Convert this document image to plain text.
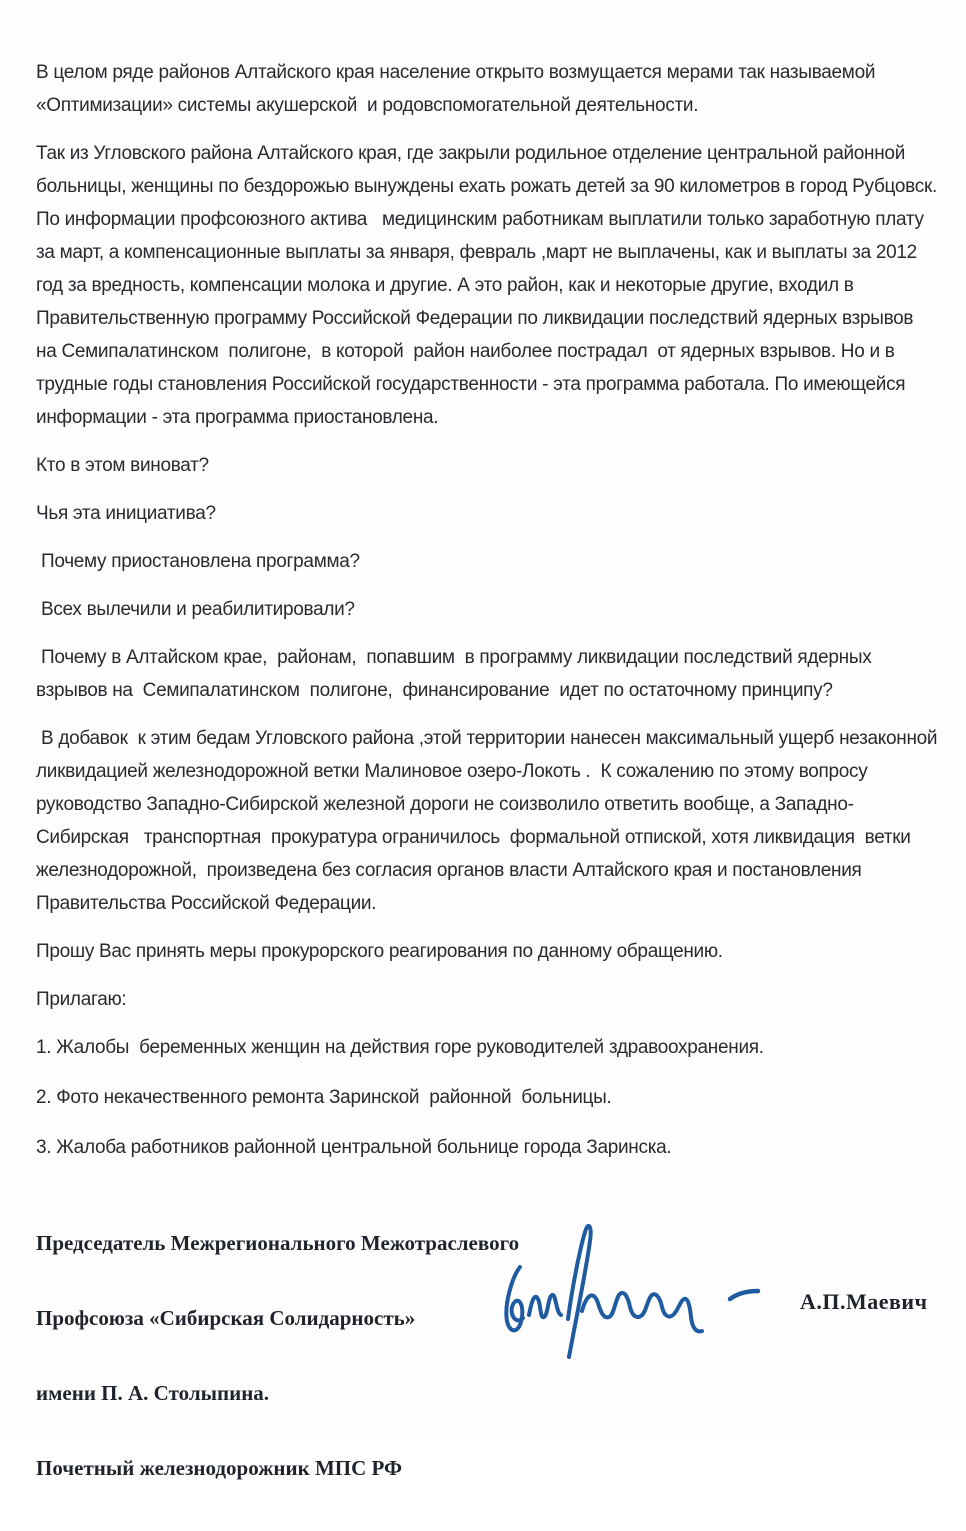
В целом ряде районов Алтайского края население открыто возмущается мерами так называемой «Оптимизации» системы акушерской  и родовспомогательной деятельности.

Так из Угловского района Алтайского края, где закрыли родильное отделение центральной районной больницы, женщины по бездорожью вынуждены ехать рожать детей за 90 километров в город Рубцовск.  По информации профсоюзного актива   медицинским работникам выплатили только заработную плату за март, а компенсационные выплаты за января, февраль ,март не выплачены, как и выплаты за 2012 год за вредность, компенсации молока и другие. А это район, как и некоторые другие, входил в Правительственную программу Российской Федерации по ликвидации последствий ядерных взрывов  на Семипалатинском  полигоне,  в которой  район наиболее пострадал  от ядерных взрывов. Но и в трудные годы становления Российской государственности - эта программа работала. По имеющейся информации - эта программа приостановлена.

Кто в этом виноват?

Чья эта инициатива?

Почему приостановлена программа?

Всех вылечили и реабилитировали?

Почему в Алтайском крае,  районам,  попавшим  в программу ликвидации последствий ядерных взрывов на  Семипалатинском  полигоне,  финансирование  идет по остаточному принципу?

В добавок  к этим бедам Угловского района ,этой территории нанесен максимальный ущерб незаконной ликвидацией железнодорожной ветки Малиновое озеро-Локоть .  К сожалению по этому вопросу руководство Западно-Сибирской железной дороги не соизволило ответить вообще, а Западно-Сибирская   транспортная  прокуратура ограничилось  формальной отпиской, хотя ликвидация  ветки железнодорожной,  произведена без согласия органов власти Алтайского края и постановления Правительства Российской Федерации.

Прошу Вас принять меры прокурорского реагирования по данному обращению.

Прилагаю:

1. Жалобы  беременных женщин на действия горе руководителей здравоохранения.

2. Фото некачественного ремонта Заринской  районной  больницы.

3. Жалоба работников районной центральной больнице города Заринска.

Председатель Межрегионального Межотраслевого

Профсоюза «Сибирская Солидарность»

имени П. А. Столыпина.

Почетный железнодорожник МПС РФ

А.П.Маевич
